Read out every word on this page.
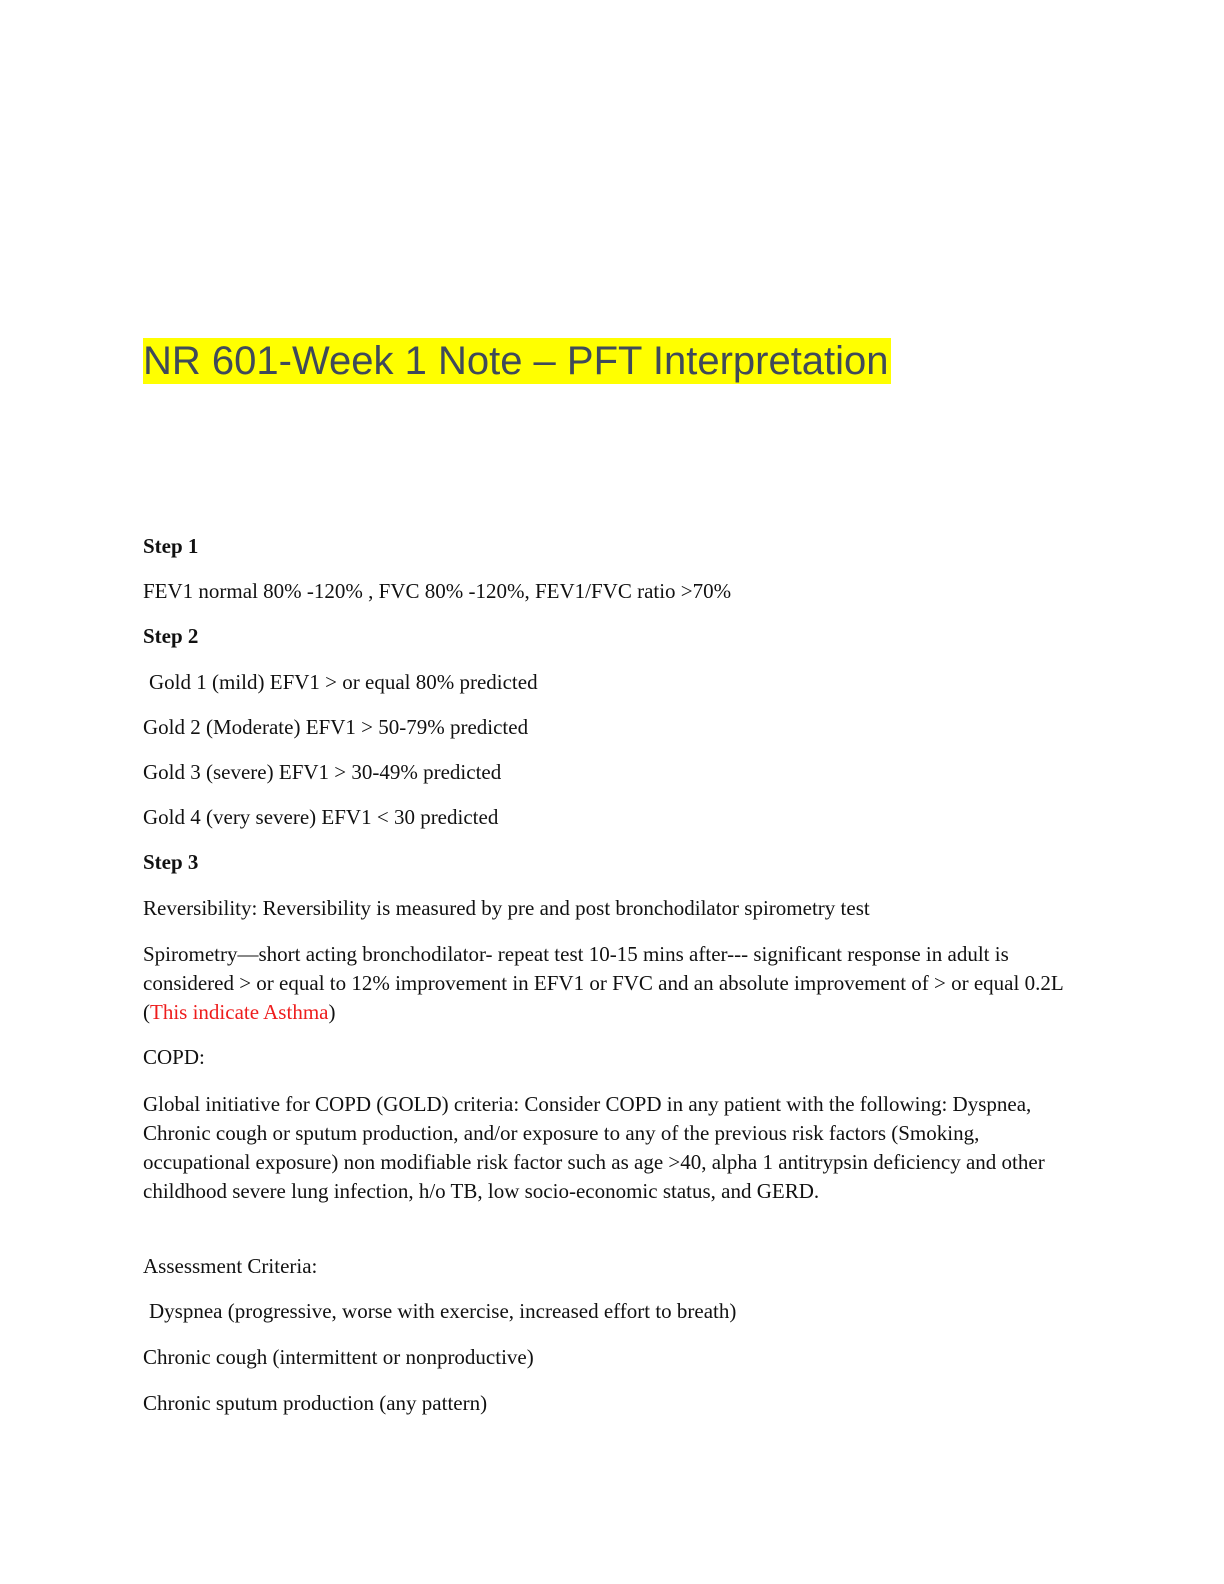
NR 601-Week 1 Note – PFT Interpretation

Step 1

FEV1 normal 80% -120% , FVC 80% -120%, FEV1/FVC ratio >70%

Step 2

Gold 1 (mild) EFV1 > or equal 80% predicted

Gold 2 (Moderate) EFV1 > 50-79% predicted

Gold 3 (severe) EFV1 > 30-49% predicted

Gold 4 (very severe) EFV1 < 30 predicted

Step 3

Reversibility: Reversibility is measured by pre and post bronchodilator spirometry test

Spirometry—short acting bronchodilator- repeat test 10-15 mins after--- significant response in adult is considered > or equal to 12% improvement in EFV1 or FVC and an absolute improvement of > or equal 0.2L (This indicate Asthma)

COPD:

Global initiative for COPD (GOLD) criteria: Consider COPD in any patient with the following: Dyspnea, Chronic cough or sputum production, and/or exposure to any of the previous risk factors (Smoking, occupational exposure) non modifiable risk factor such as age >40, alpha 1 antitrypsin deficiency and other childhood severe lung infection, h/o TB, low socio-economic status, and GERD.

Assessment Criteria:

Dyspnea (progressive, worse with exercise, increased effort to breath)

Chronic cough (intermittent or nonproductive)

Chronic sputum production (any pattern)
